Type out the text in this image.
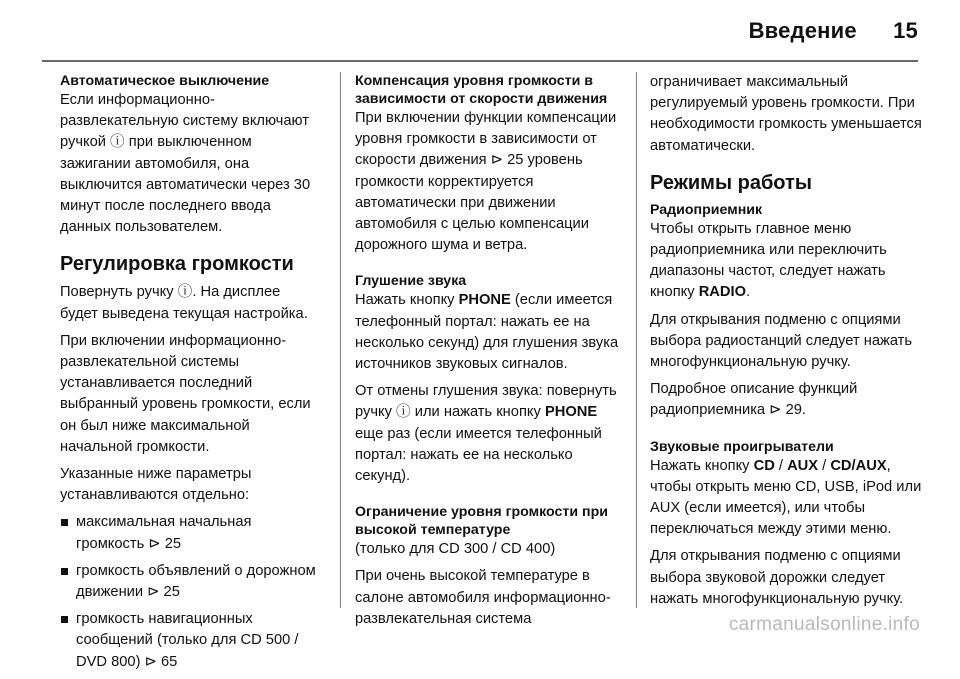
Введение 15
Автоматическое выключение

Если информационно-развлекательную систему включают ручкой ⓘ при выключенном зажигании автомобиля, она выключится автоматически через 30 минут после последнего ввода данных пользователем.

Регулировка громкости

Повернуть ручку ⓘ. На дисплее будет выведена текущая настройка.

При включении информационно-развлекательной системы устанавливается последний выбранный уровень громкости, если он был ниже максимальной начальной громкости.

Указанные ниже параметры устанавливаются отдельно:

максимальная начальная громкость ⊳ 25
громкость объявлений о дорожном движении ⊳ 25
громкость навигационных сообщений (только для CD 500 / DVD 800) ⊳ 65
Компенсация уровня громкости в зависимости от скорости движения

При включении функции компенсации уровня громкости в зависимости от скорости движения ⊳ 25 уровень громкости корректируется автоматически при движении автомобиля с целью компенсации дорожного шума и ветра.

Глушение звука

Нажать кнопку PHONE (если имеется телефонный портал: нажать ее на несколько секунд) для глушения звука источников звуковых сигналов.

От отмены глушения звука: повернуть ручку ⓘ или нажать кнопку PHONE еще раз (если имеется телефонный портал: нажать ее на несколько секунд).

Ограничение уровня громкости при высокой температуре

(только для CD 300 / CD 400)

При очень высокой температуре в салоне автомобиля информационно-развлекательная система

ограничивает максимальный регулируемый уровень громкости. При необходимости громкость уменьшается автоматически.

Режимы работы
Радиоприемник

Чтобы открыть главное меню радиоприемника или переключить диапазоны частот, следует нажать кнопку RADIO.

Для открывания подменю с опциями выбора радиостанций следует нажать многофункциональную ручку.

Подробное описание функций радиоприемника ⊳ 29.

Звуковые проигрыватели

Нажать кнопку CD / AUX / CD/AUX, чтобы открыть меню CD, USB, iPod или AUX (если имеется), или чтобы переключаться между этими меню.

Для открывания подменю с опциями выбора звуковой дорожки следует нажать многофункциональную ручку.

carmanualsonline.info
